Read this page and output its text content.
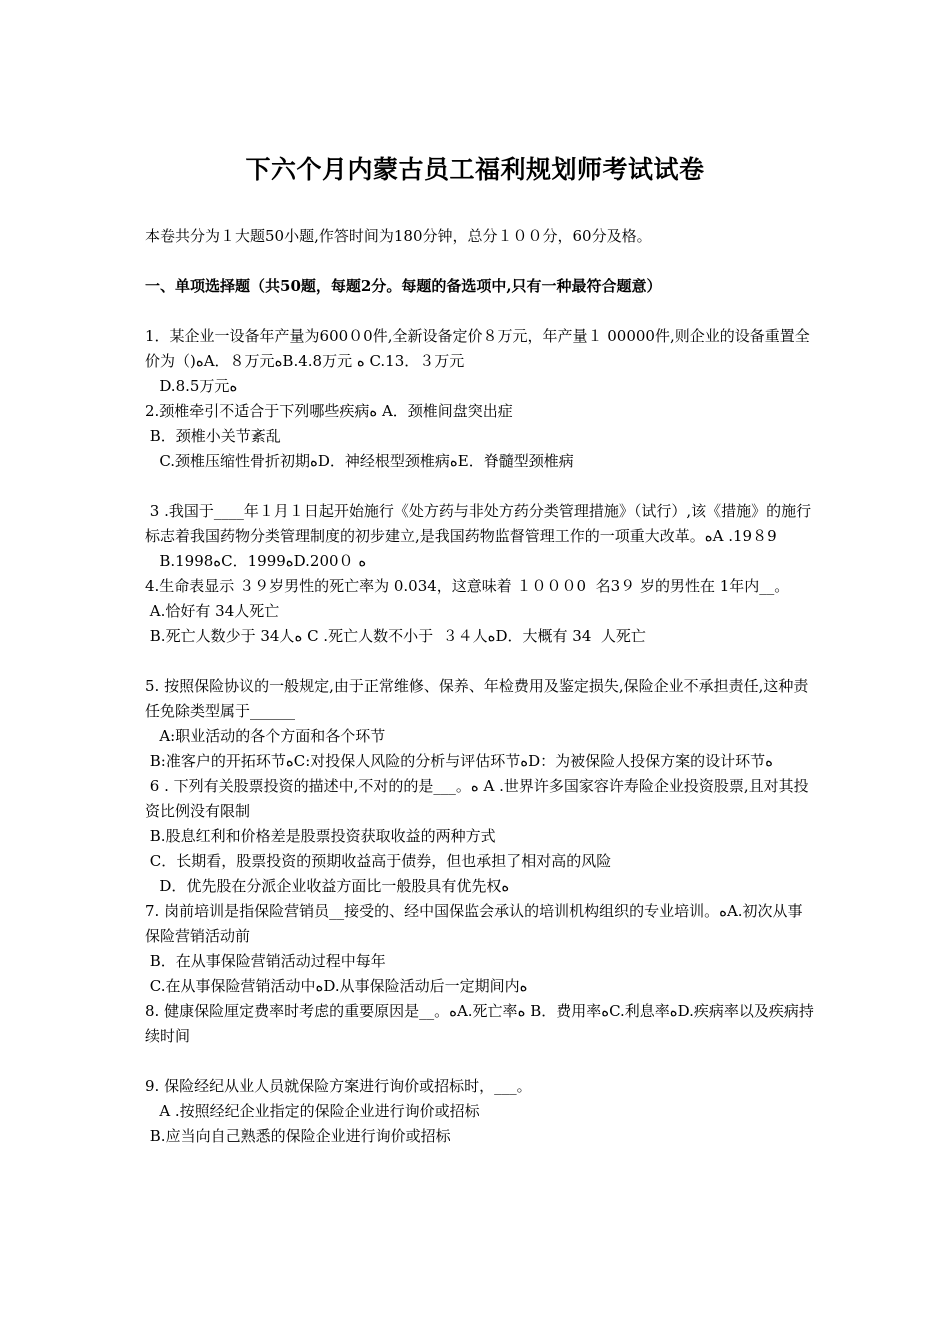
下六个月内蒙古员工福利规划师考试试卷

本卷共分为１大题50小题,作答时间为180分钟，总分１００分，60分及格。

一、单项选择题（共50题，每题2分。每题的备选项中,只有一种最符合题意）

1．某企业一设备年产量为600０0件,全新设备定价８万元，年产量１ 00000件,则企业的设备重置全价为（)ﻩA．８万元ﻩB.4.8万元 ﻩ C.13．３万元

D.8.5万元ﻩ

2.颈椎牵引不适合于下列哪些疾病ﻩ A．颈椎间盘突出症

B．颈椎小关节紊乱

C.颈椎压缩性骨折初期ﻩD．神经根型颈椎病ﻩE．脊髓型颈椎病

3 .我国于____年１月１日起开始施行《处方药与非处方药分类管理措施》（试行）,该《措施》的施行标志着我国药物分类管理制度的初步建立,是我国药物监督管理工作的一项重大改革。ﻩA .19８9

B.1998ﻩC．1999ﻩD.200０ ﻩ

4.生命表显示 ３９岁男性的死亡率为 0.034，这意味着 １０００0  名3９ 岁的男性在 1年内__。

A.恰好有 34人死亡

B.死亡人数少于 34人ﻩ C .死亡人数不小于  ３４人ﻩD．大概有 34  人死亡

5. 按照保险协议的一般规定,由于正常维修、保养、年检费用及鉴定损失,保险企业不承担责任,这种责任免除类型属于______

A:职业活动的各个方面和各个环节

B:准客户的开拓环节ﻩC:对投保人风险的分析与评估环节ﻩD：为被保险人投保方案的设计环节ﻩ

6 . 下列有关股票投资的描述中,不对的的是___。ﻩ A .世界许多国家容许寿险企业投资股票,且对其投资比例没有限制

B.股息红利和价格差是股票投资获取收益的两种方式

C．长期看，股票投资的预期收益高于债券，但也承担了相对高的风险

D．优先股在分派企业收益方面比一般股具有优先权ﻩ

7. 岗前培训是指保险营销员__接受的、经中国保监会承认的培训机构组织的专业培训。ﻩA.初次从事保险营销活动前

B．在从事保险营销活动过程中每年

C.在从事保险营销活动中ﻩD.从事保险活动后一定期间内ﻩ

8. 健康保险厘定费率时考虑的重要原因是__。ﻩA.死亡率ﻩ B．费用率ﻩC.利息率ﻩD.疾病率以及疾病持续时间

9. 保险经纪从业人员就保险方案进行询价或招标时，___。

A .按照经纪企业指定的保险企业进行询价或招标

B.应当向自己熟悉的保险企业进行询价或招标
